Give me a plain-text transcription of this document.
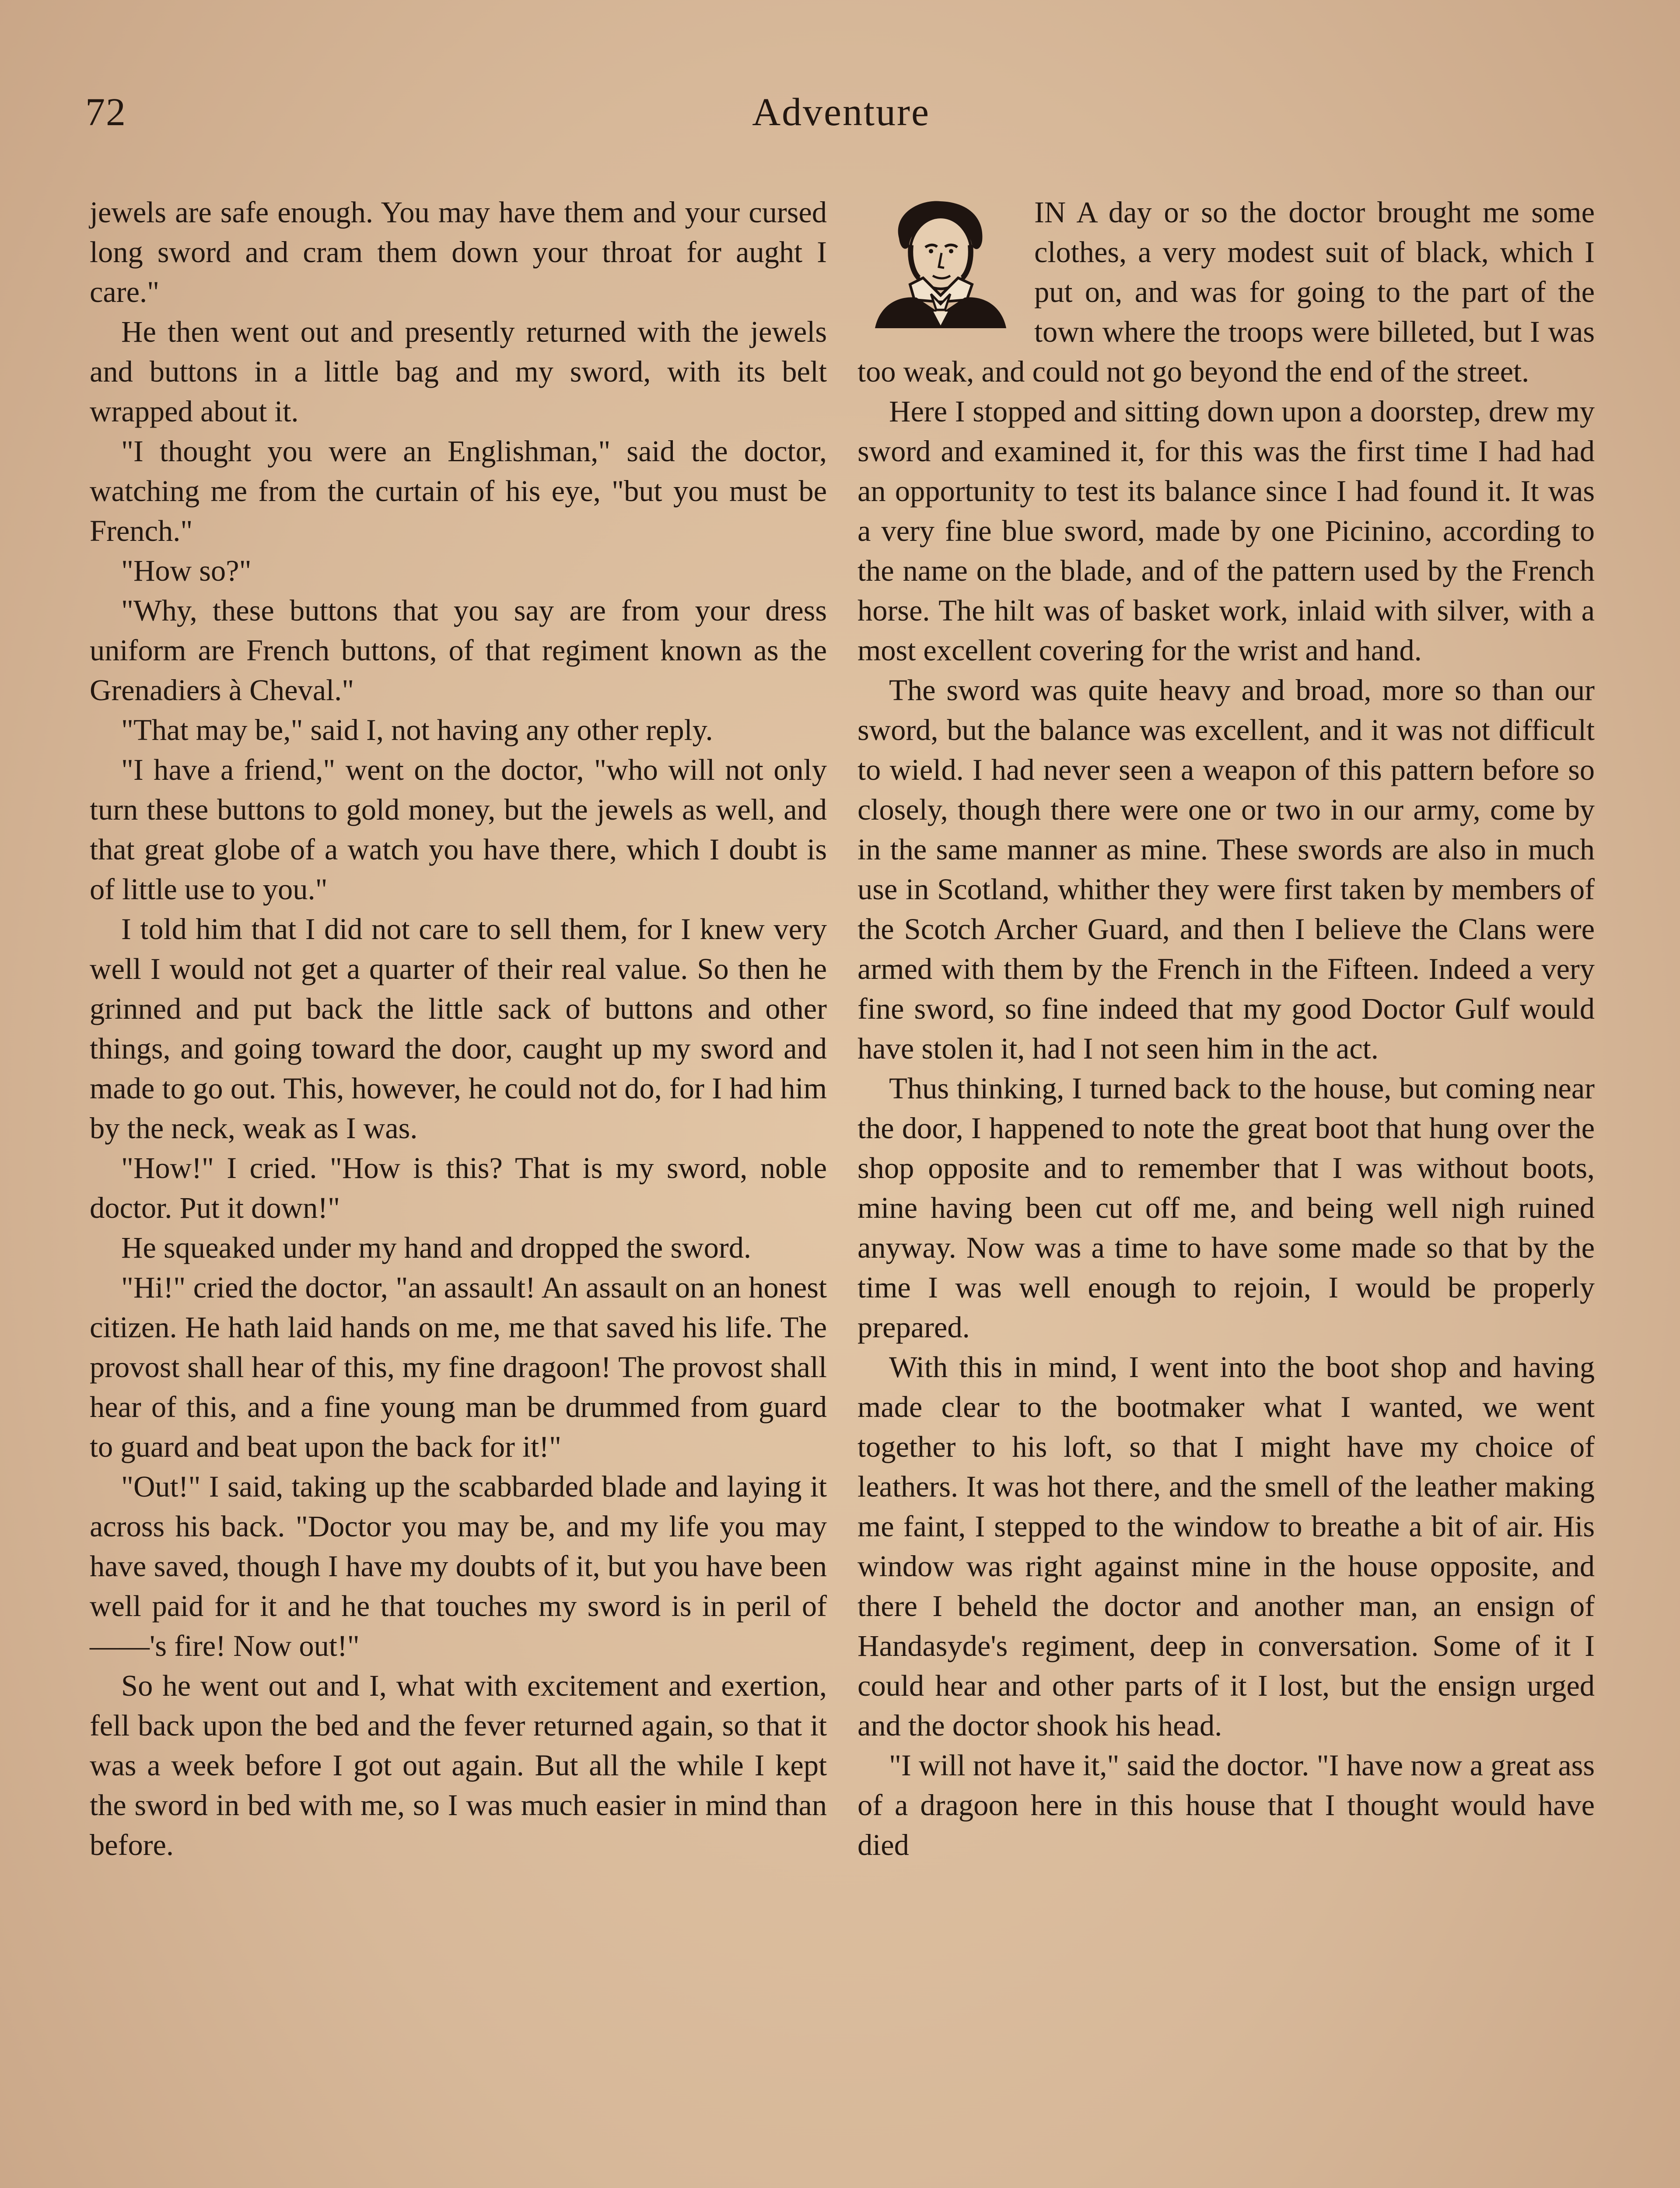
72	Adventure

jewels are safe enough. You may have them and your cursed long sword and cram them down your throat for aught I care."

He then went out and presently returned with the jewels and buttons in a little bag and my sword, with its belt wrapped about it.

"I thought you were an Englishman," said the doctor, watching me from the curtain of his eye, "but you must be French."

"How so?"

"Why, these buttons that you say are from your dress uniform are French buttons, of that regiment known as the Grenadiers à Cheval."

"That may be," said I, not having any other reply.

"I have a friend," went on the doctor, "who will not only turn these buttons to gold money, but the jewels as well, and that great globe of a watch you have there, which I doubt is of little use to you."

I told him that I did not care to sell them, for I knew very well I would not get a quarter of their real value. So then he grinned and put back the little sack of buttons and other things, and going toward the door, caught up my sword and made to go out. This, however, he could not do, for I had him by the neck, weak as I was.

"How!" I cried. "How is this? That is my sword, noble doctor. Put it down!"

He squeaked under my hand and dropped the sword.

"Hi!" cried the doctor, "an assault! An assault on an honest citizen. He hath laid hands on me, me that saved his life. The provost shall hear of this, my fine dragoon! The provost shall hear of this, and a fine young man be drummed from guard to guard and beat upon the back for it!"

"Out!" I said, taking up the scabbarded blade and laying it across his back. "Doctor you may be, and my life you may have saved, though I have my doubts of it, but you have been well paid for it and he that touches my sword is in peril of ——'s fire! Now out!"

So he went out and I, what with excitement and exertion, fell back upon the bed and the fever returned again, so that it was a week before I got out again. But all the while I kept the sword in bed with me, so I was much easier in mind than before.

IN A day or so the doctor brought me some clothes, a very modest suit of black, which I put on, and was for going to the part of the town where the troops were billeted, but I was too weak, and could not go beyond the end of the street.

Here I stopped and sitting down upon a doorstep, drew my sword and examined it, for this was the first time I had had an opportunity to test its balance since I had found it. It was a very fine blue sword, made by one Picinino, according to the name on the blade, and of the pattern used by the French horse. The hilt was of basket work, inlaid with silver, with a most excellent covering for the wrist and hand.

The sword was quite heavy and broad, more so than our sword, but the balance was excellent, and it was not difficult to wield. I had never seen a weapon of this pattern before so closely, though there were one or two in our army, come by in the same manner as mine. These swords are also in much use in Scotland, whither they were first taken by members of the Scotch Archer Guard, and then I believe the Clans were armed with them by the French in the Fifteen. Indeed a very fine sword, so fine indeed that my good Doctor Gulf would have stolen it, had I not seen him in the act.

Thus thinking, I turned back to the house, but coming near the door, I happened to note the great boot that hung over the shop opposite and to remember that I was without boots, mine having been cut off me, and being well nigh ruined anyway. Now was a time to have some made so that by the time I was well enough to rejoin, I would be properly prepared.

With this in mind, I went into the boot shop and having made clear to the bootmaker what I wanted, we went together to his loft, so that I might have my choice of leathers. It was hot there, and the smell of the leather making me faint, I stepped to the window to breathe a bit of air. His window was right against mine in the house opposite, and there I beheld the doctor and another man, an ensign of Handasyde's regiment, deep in conversation. Some of it I could hear and other parts of it I lost, but the ensign urged and the doctor shook his head.

"I will not have it," said the doctor. "I have now a great ass of a dragoon here in this house that I thought would have died
